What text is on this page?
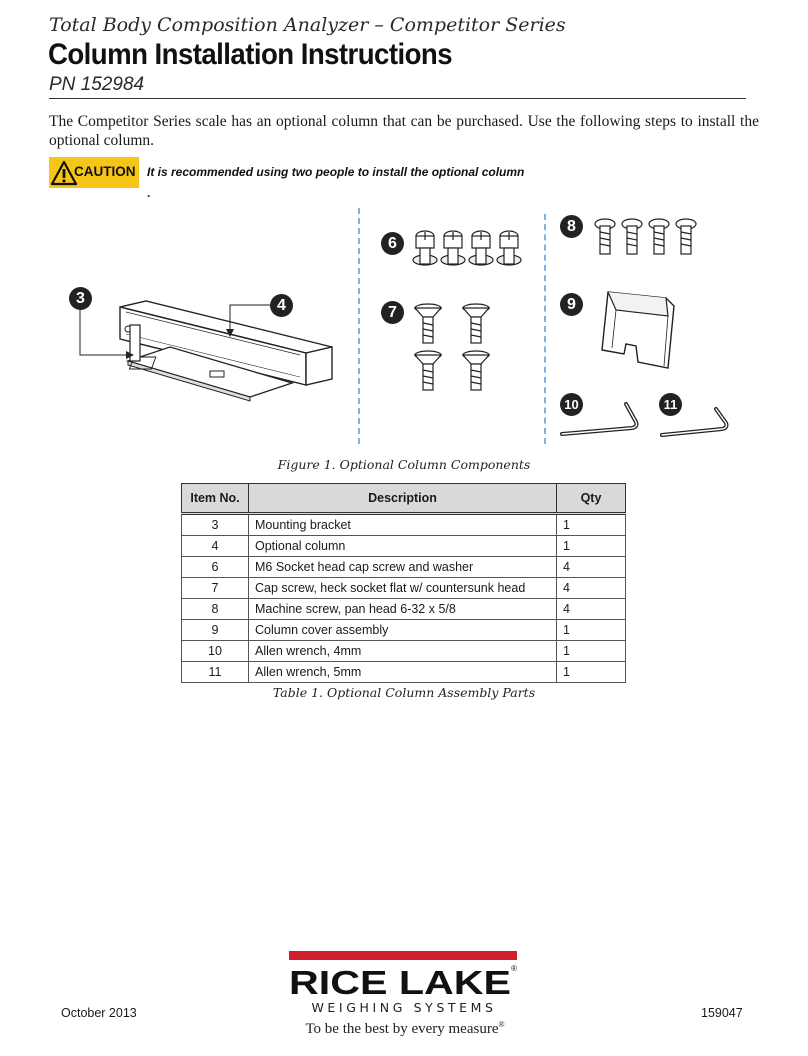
Total Body Composition Analyzer – Competitor Series
Column Installation Instructions
PN 152984
The Competitor Series scale has an optional column that can be purchased. Use the following steps to install the optional column.
CAUTION It is recommended using two people to install the optional column
.
3	4
6
7
8
9
10	11
Figure 1. Optional Column Components
Item No.	Description	Qty
3	Mounting bracket	1
4	Optional column	1
6	M6 Socket head cap screw and washer	4
7	Cap screw, heck socket flat w/ countersunk head	4
8	Machine screw, pan head 6-32 x 5/8	4
9	Column cover assembly	1
10	Allen wrench, 4mm	1
11	Allen wrench, 5mm	1
Table 1. Optional Column Assembly Parts
RICE LAKE ®
WEIGHING SYSTEMS
To be the best by every measure®
October 2013	159047
